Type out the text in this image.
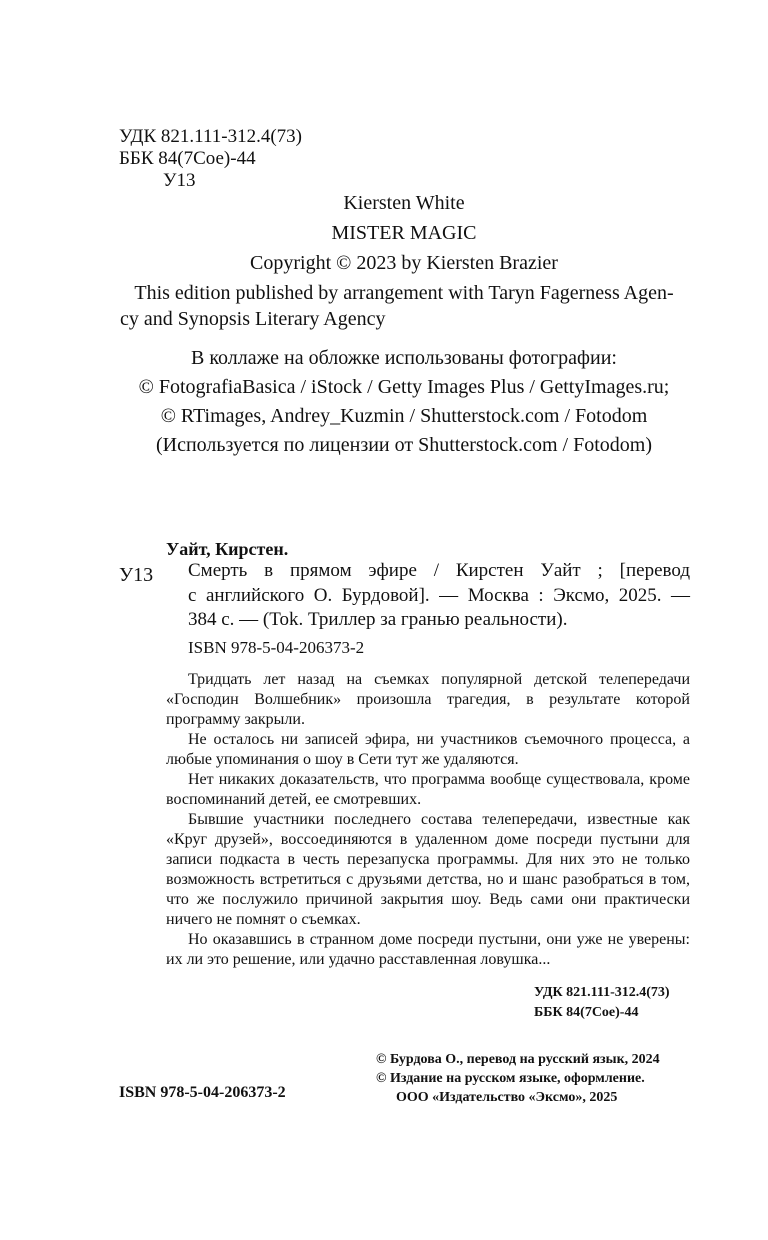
УДК 821.111-312.4(73)
ББК 84(7Сое)-44
У13
Kiersten White
MISTER MAGIC
Copyright © 2023 by Kiersten Brazier
This edition published by arrangement with Taryn Fagerness Agen-
cy and Synopsis Literary Agency
В коллаже на обложке использованы фотографии:
© FotografiaBasica / iStock / Getty Images Plus / GettyImages.ru;
© RTimages, Andrey_Kuzmin / Shutterstock.com / Fotodom
(Используется по лицензии от Shutterstock.com / Fotodom)
Уайт, Кирстен.
У13 Смерть в прямом эфире / Кирстен Уайт ; [перевод
с английского О. Бурдовой]. — Москва : Эксмо, 2025. —
384 с. — (Tok. Триллер за гранью реальности).
ISBN 978-5-04-206373-2

Тридцать лет назад на съемках популярной детской телепередачи «Господин Волшебник» произошла трагедия, в результате которой программу закрыли.

Не осталось ни записей эфира, ни участников съемочного процесса, а любые упоминания о шоу в Сети тут же удаляются.

Нет никаких доказательств, что программа вообще существовала, кроме воспоминаний детей, ее смотревших.

Бывшие участники последнего состава телепередачи, известные как «Круг друзей», воссоединяются в удаленном доме посреди пустыни для записи подкаста в честь перезапуска программы. Для них это не только возможность встретиться с друзьями детства, но и шанс разобраться в том, что же послужило причиной закрытия шоу. Ведь сами они практически ничего не помнят о съемках.

Но оказавшись в странном доме посреди пустыни, они уже не уверены: их ли это решение, или удачно расставленная ловушка...

УДК 821.111-312.4(73)
ББК 84(7Сое)-44
ISBN 978-5-04-206373-2
© Бурдова О., перевод на русский язык, 2024
© Издание на русском языке, оформление.
ООО «Издательство «Эксмо», 2025
